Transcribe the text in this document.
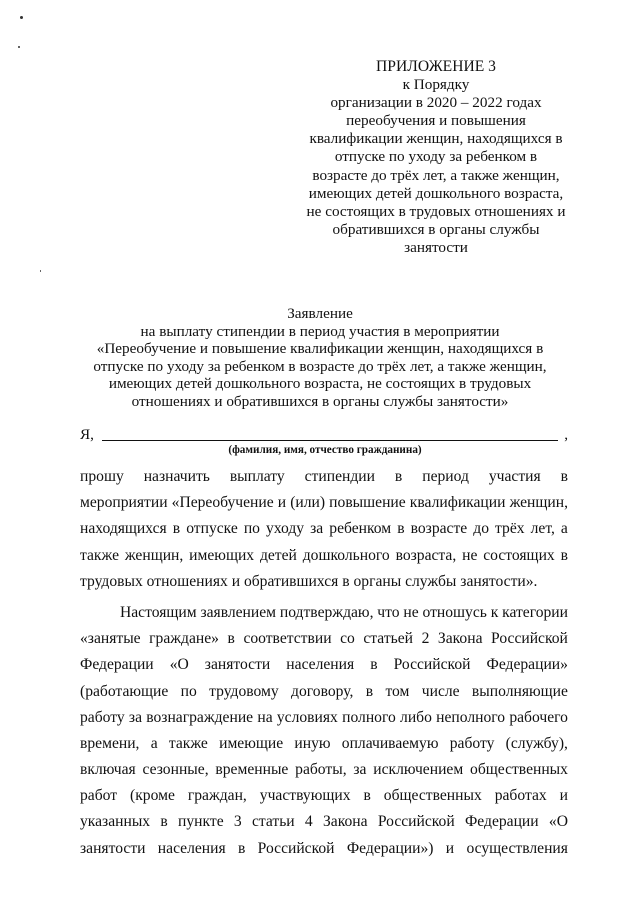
ПРИЛОЖЕНИЕ 3
к Порядку
организации в 2020 – 2022 годах
переобучения и повышения
квалификации женщин, находящихся в
отпуске по уходу за ребенком в
возрасте до трёх лет, а также женщин,
имеющих детей дошкольного возраста,
не состоящих в трудовых отношениях и
обратившихся в органы службы
занятости
Заявление
на выплату стипендии в период участия в мероприятии
«Переобучение и повышение квалификации женщин, находящихся в
отпуске по уходу за ребенком в возрасте до трёх лет, а также женщин,
имеющих детей дошкольного возраста, не состоящих в трудовых
отношениях и обратившихся в органы службы занятости»
Я,	,
(фамилия, имя, отчество гражданина)
прошу назначить выплату стипендии в период участия в
мероприятии «Переобучение и (или) повышение квалификации женщин,
находящихся в отпуске по уходу за ребенком в возрасте до трёх лет, а
также женщин, имеющих детей дошкольного возраста, не состоящих в
трудовых отношениях и обратившихся в органы службы занятости».
Настоящим заявлением подтверждаю, что не отношусь к категории
«занятые граждане» в соответствии со статьей 2 Закона Российской
Федерации «О занятости населения в Российской Федерации»
(работающие по трудовому договору, в том числе выполняющие
работу за вознаграждение на условиях полного либо неполного рабочего
времени, а также имеющие иную оплачиваемую работу (службу),
включая сезонные, временные работы, за исключением общественных
работ (кроме граждан, участвующих в общественных работах и
указанных в пункте 3 статьи 4 Закона Российской Федерации «О
занятости населения в Российской Федерации») и осуществления
